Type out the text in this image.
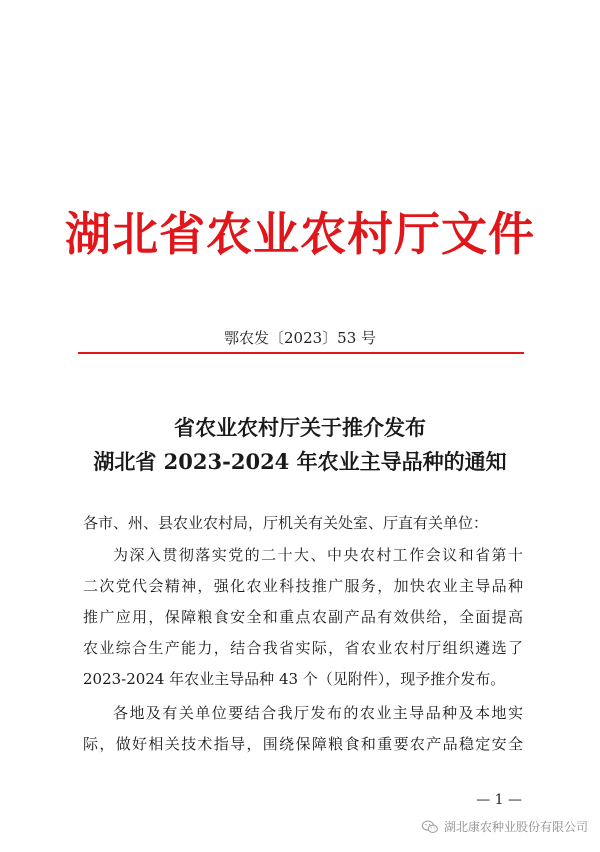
湖北省农业农村厅文件
鄂农发〔2023〕53 号
省农业农村厅关于推介发布
湖北省 2023-2024 年农业主导品种的通知
各市、州、县农业农村局，厅机关有关处室、厅直有关单位：
为深入贯彻落实党的二十大、中央农村工作会议和省第十
二次党代会精神，强化农业科技推广服务，加快农业主导品种
推广应用，保障粮食安全和重点农副产品有效供给，全面提高
农业综合生产能力，结合我省实际，省农业农村厅组织遴选了
2023-2024 年农业主导品种 43 个（见附件），现予推介发布。
各地及有关单位要结合我厅发布的农业主导品种及本地实
际，做好相关技术指导，围绕保障粮食和重要农产品稳定安全
— 1 —
湖北康农种业股份有限公司
